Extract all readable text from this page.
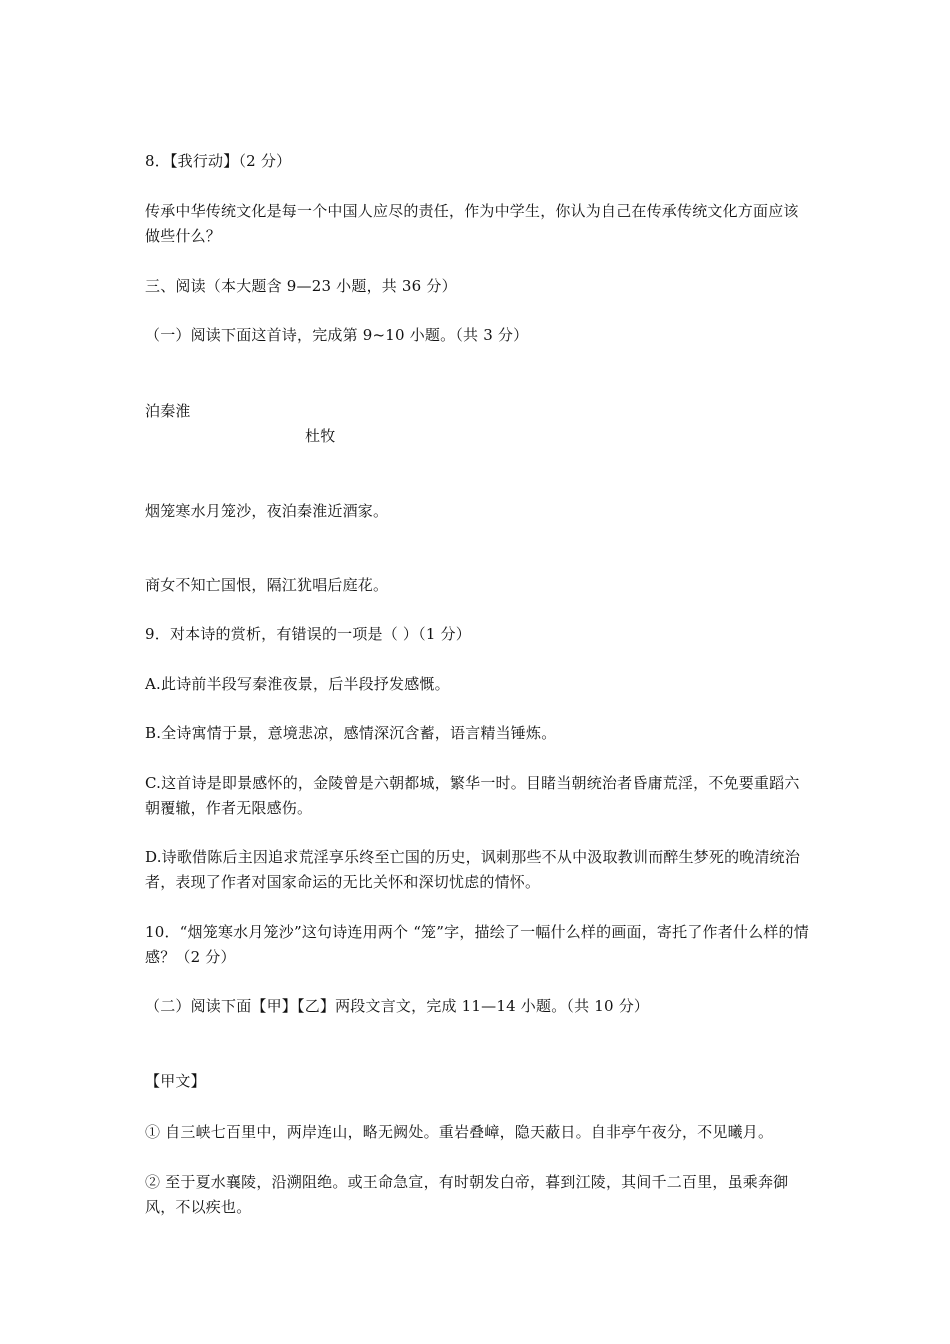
8．【我行动】（2 分）
传承中华传统文化是每一个中国人应尽的责任，作为中学生，你认为自己在传承传统文化方面应该做些什么？
三、阅读（本大题含 9—23 小题，共 36 分）
（一）阅读下面这首诗，完成第 9~10 小题。（共 3 分）
泊秦淮
杜牧
烟笼寒水月笼沙，夜泊秦淮近酒家。
商女不知亡国恨，隔江犹唱后庭花。
9．对本诗的赏析，有错误的一项是（ ）（1 分）
A.此诗前半段写秦淮夜景，后半段抒发感慨。
B.全诗寓情于景，意境悲凉，感情深沉含蓄，语言精当锤炼。
C.这首诗是即景感怀的，金陵曾是六朝都城，繁华一时。目睹当朝统治者昏庸荒淫，不免要重蹈六朝覆辙，作者无限感伤。
D.诗歌借陈后主因追求荒淫享乐终至亡国的历史，讽刺那些不从中汲取教训而醉生梦死的晚清统治者，表现了作者对国家命运的无比关怀和深切忧虑的情怀。
10．“烟笼寒水月笼沙”这句诗连用两个 “笼”字，描绘了一幅什么样的画面，寄托了作者什么样的情感？（2 分）
（二）阅读下面【甲】【乙】两段文言文，完成 11—14 小题。（共 10 分）
【甲文】
① 自三峡七百里中，两岸连山，略无阙处。重岩叠嶂，隐天蔽日。自非亭午夜分，不见曦月。
② 至于夏水襄陵，沿溯阻绝。或王命急宣，有时朝发白帝，暮到江陵，其间千二百里，虽乘奔御风，不以疾也。
